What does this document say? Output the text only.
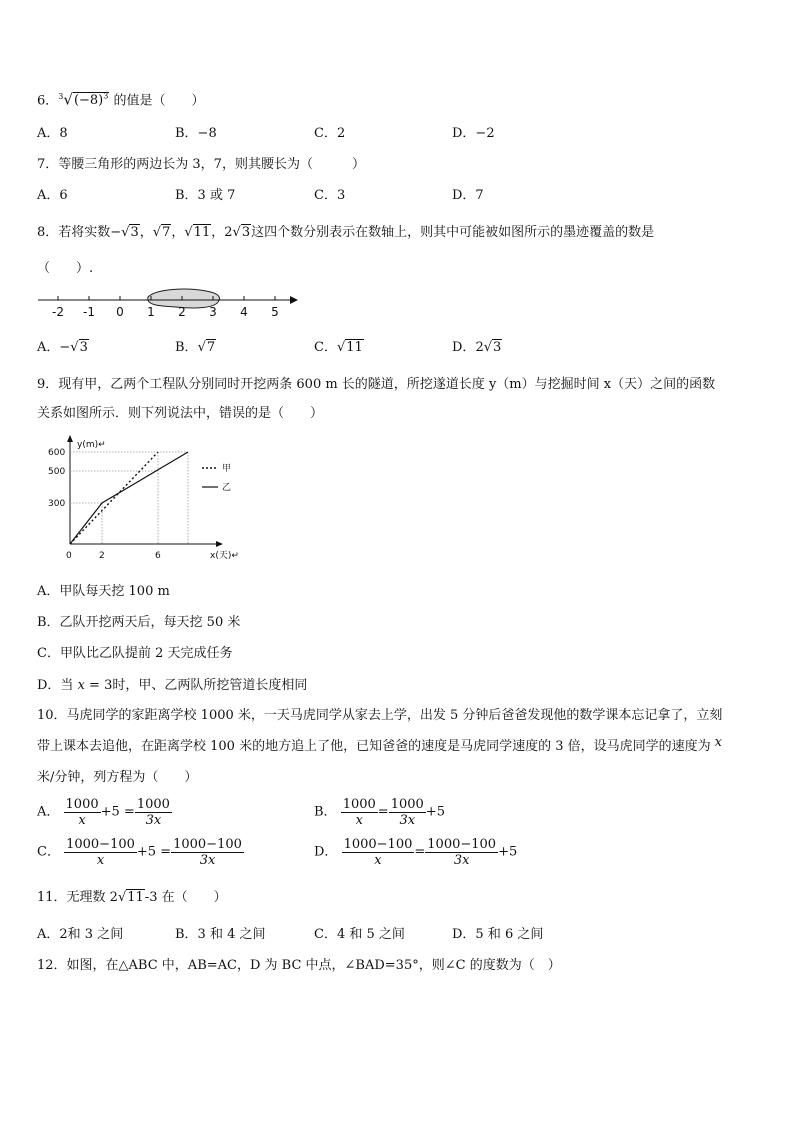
6．$^3√(-8)^3$ 的值是（　　）
A．8	B．−8	C．2	D．−2
7．等腰三角形的两边长为 3，7，则其腰长为（　　　）
A．6	B．3 或 7	C．3	D．7
8．若将实数−√3，√7，√11，2√3这四个数分别表示在数轴上，则其中可能被如图所示的墨迹覆盖的数是
（　　）.
-2 -1 0 1 2 3 4 5
A．−√3	B．√7	C．√11	D．2√3
9．现有甲，乙两个工程队分别同时开挖两条 600 m 长的隧道，所挖遂道长度 y（m）与挖掘时间 x（天）之间的函数
关系如图所示．则下列说法中，错误的是（　　）
y(m)↵
x(天)↵
0
600
500
300
2	6
甲
乙
A．甲队每天挖 100 m
B．乙队开挖两天后，每天挖 50 米
C．甲队比乙队提前 2 天完成任务
D．当 x = 3时，甲、乙两队所挖管道长度相同
10．马虎同学的家距离学校 1000 米，一天马虎同学从家去上学，出发 5 分钟后爸爸发现他的数学课本忘记拿了，立刻
带上课本去追他，在距离学校 100 米的地方追上了他，已知爸爸的速度是马虎同学速度的 3 倍，设马虎同学的速度为 x
米/分钟，列方程为（　　）
A． $\frac{1000}{x} +5 = \frac{1000}{3x}$	B． $\frac{1000}{x} = \frac{1000}{3x} +5$
C． $\frac{1000-100}{x} +5 = \frac{1000-100}{3x}$	D． $\frac{1000-100}{x} = \frac{1000-100}{3x} +5$
11．无理数 2√11-3 在（　　）
A．2和 3 之间	B．3 和 4 之间	C．4 和 5 之间	D．5 和 6 之间
12．如图，在△ABC 中，AB=AC，D 为 BC 中点，∠BAD=35°，则∠C 的度数为（　）
